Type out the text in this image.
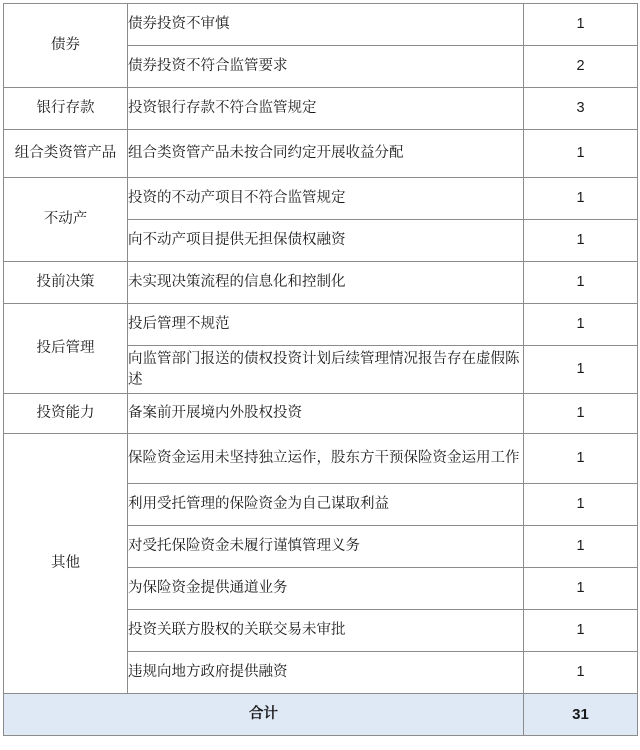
债券	债券投资不审慎	1
	债券投资不符合监管要求	2
银行存款	投资银行存款不符合监管规定	3
组合类资管产品	组合类资管产品未按合同约定开展收益分配	1
不动产	投资的不动产项目不符合监管规定	1
	向不动产项目提供无担保债权融资	1
投前决策	未实现决策流程的信息化和控制化	1
投后管理	投后管理不规范	1
	向监管部门报送的债权投资计划后续管理情况报告存在虚假陈述	1
投资能力	备案前开展境内外股权投资	1
其他	保险资金运用未坚持独立运作，股东方干预保险资金运用工作	1
	利用受托管理的保险资金为自己谋取利益	1
	对受托保险资金未履行谨慎管理义务	1
	为保险资金提供通道业务	1
	投资关联方股权的关联交易未审批	1
	违规向地方政府提供融资	1
合计		31
